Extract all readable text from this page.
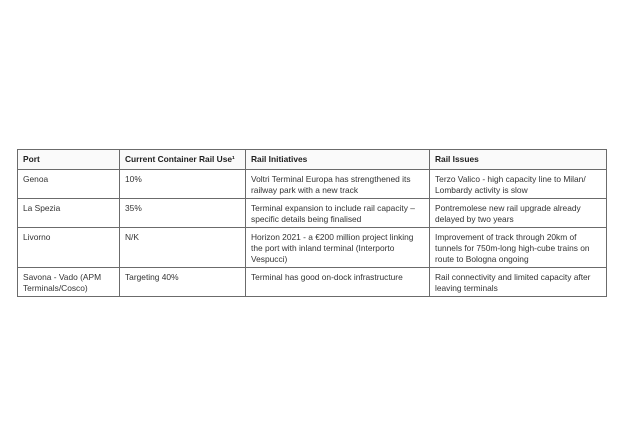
Port	Current Container Rail Use¹	Rail Initiatives	Rail Issues
Genoa	10%	Voltri Terminal Europa has strengthened its railway park with a new track	Terzo Valico - high capacity line to Milan/ Lombardy activity is slow
La Spezia	35%	Terminal expansion to include rail capacity – specific details being finalised	Pontremolese new rail upgrade already delayed by two years
Livorno	N/K	Horizon 2021 - a €200 million project linking the port with inland terminal (Interporto Vespucci)	Improvement of track through 20km of tunnels for 750m-long high-cube trains on route to Bologna ongoing
Savona - Vado (APM Terminals/Cosco)	Targeting 40%	Terminal has good on-dock infrastructure	Rail connectivity and limited capacity after leaving terminals
